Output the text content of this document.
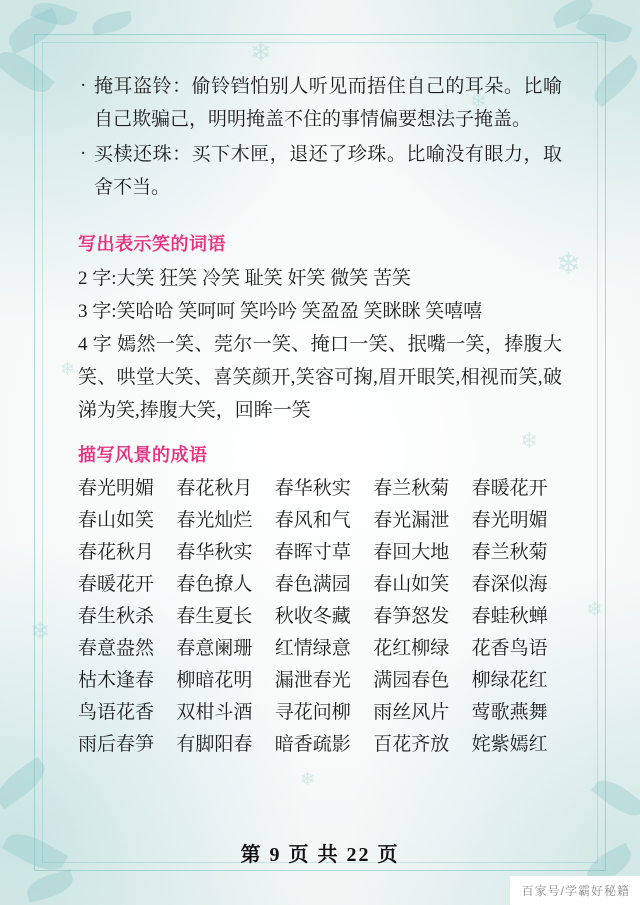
❄
❄
❄
❄
❄
❄
❄
❄
· 掩耳盗铃：偷铃铛怕别人听见而捂住自己的耳朵。比喻自己欺骗己，明明掩盖不住的事情偏要想法子掩盖。
· 买椟还珠：买下木匣，退还了珍珠。比喻没有眼力，取舍不当。
写出表示笑的词语
2 字:大笑 狂笑 冷笑 耻笑 奸笑 微笑 苦笑
3 字:笑哈哈 笑呵呵 笑吟吟 笑盈盈 笑眯眯 笑嘻嘻
4 字 嫣然一笑、莞尔一笑、掩口一笑、抿嘴一笑，捧腹大笑、哄堂大笑、喜笑颜开,笑容可掬,眉开眼笑,相视而笑,破涕为笑,捧腹大笑，回眸一笑
描写风景的成语
春光明媚	春花秋月	春华秋实	春兰秋菊	春暖花开
春山如笑	春光灿烂	春风和气	春光漏泄	春光明媚
春花秋月	春华秋实	春晖寸草	春回大地	春兰秋菊
春暖花开	春色撩人	春色满园	春山如笑	春深似海
春生秋杀	春生夏长	秋收冬藏	春笋怒发	春蛙秋蝉
春意盎然	春意阑珊	红情绿意	花红柳绿	花香鸟语
枯木逢春	柳暗花明	漏泄春光	满园春色	柳绿花红
鸟语花香	双柑斗酒	寻花问柳	雨丝风片	莺歌燕舞
雨后春笋	有脚阳春	暗香疏影	百花齐放	姹紫嫣红
第 9 页 共 22 页
百家号/学霸好秘籍
